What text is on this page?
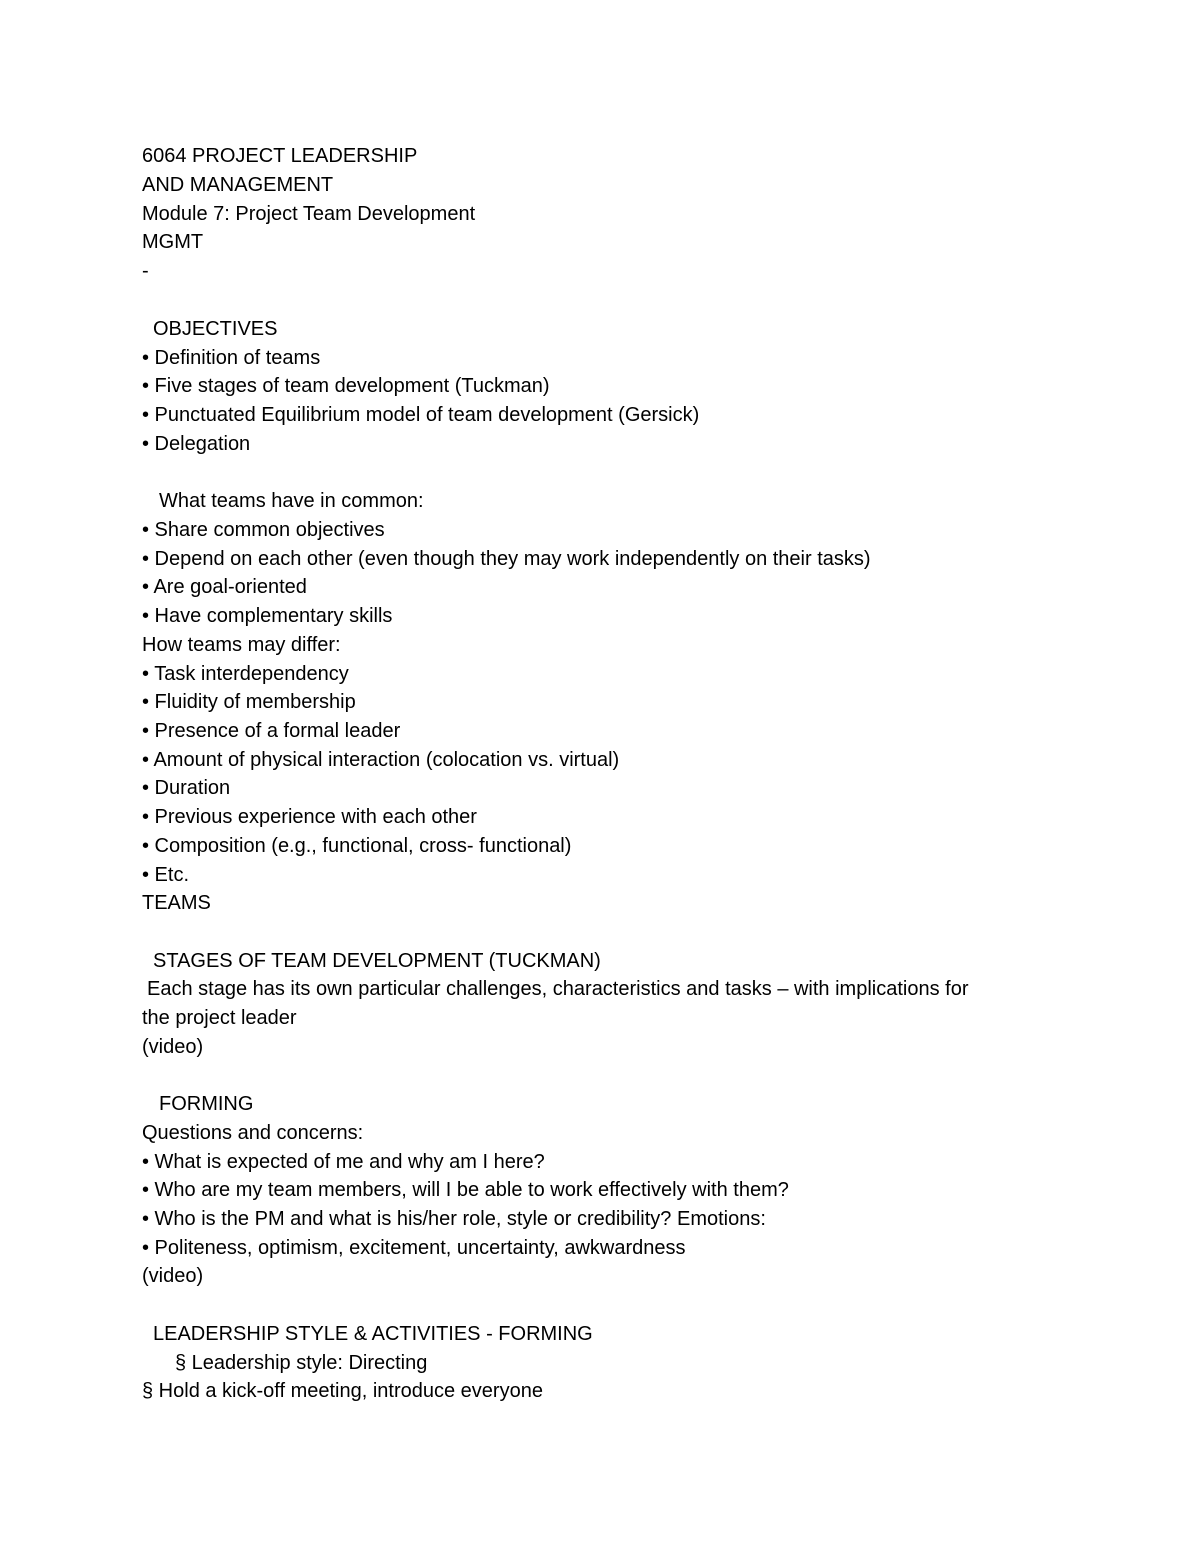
6064 PROJECT LEADERSHIP
AND MANAGEMENT
Module 7: Project Team Development
MGMT
-
OBJECTIVES
• Definition of teams
• Five stages of team development (Tuckman)
• Punctuated Equilibrium model of team development (Gersick)
• Delegation
What teams have in common:
• Share common objectives
• Depend on each other (even though they may work independently on their tasks)
• Are goal-oriented
• Have complementary skills
How teams may differ:
• Task interdependency
• Fluidity of membership
• Presence of a formal leader
• Amount of physical interaction (colocation vs. virtual)
• Duration
• Previous experience with each other
• Composition (e.g., functional, cross- functional)
• Etc.
TEAMS
STAGES OF TEAM DEVELOPMENT (TUCKMAN)
Each stage has its own particular challenges, characteristics and tasks – with implications for
the project leader
(video)
FORMING
Questions and concerns:
• What is expected of me and why am I here?
• Who are my team members, will I be able to work effectively with them?
• Who is the PM and what is his/her role, style or credibility? Emotions:
• Politeness, optimism, excitement, uncertainty, awkwardness
(video)
LEADERSHIP STYLE & ACTIVITIES - FORMING
§ Leadership style: Directing
§ Hold a kick-off meeting, introduce everyone
